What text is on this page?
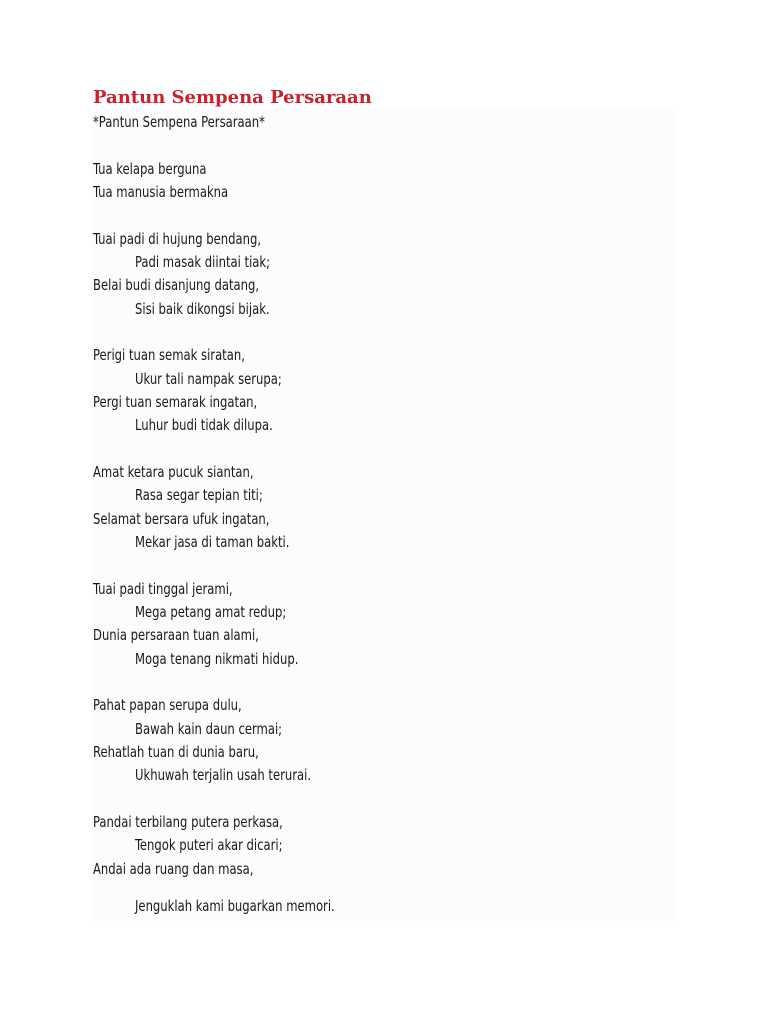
Pantun Sempena Persaraan
*Pantun Sempena Persaraan*
Tua kelapa berguna
Tua manusia bermakna
Tuai padi di hujung bendang,
Padi masak diintai tiak;
Belai budi disanjung datang,
Sisi baik dikongsi bijak.
Perigi tuan semak siratan,
Ukur tali nampak serupa;
Pergi tuan semarak ingatan,
Luhur budi tidak dilupa.
Amat ketara pucuk siantan,
Rasa segar tepian titi;
Selamat bersara ufuk ingatan,
Mekar jasa di taman bakti.
Tuai padi tinggal jerami,
Mega petang amat redup;
Dunia persaraan tuan alami,
Moga tenang nikmati hidup.
Pahat papan serupa dulu,
Bawah kain daun cermai;
Rehatlah tuan di dunia baru,
Ukhuwah terjalin usah terurai.
Pandai terbilang putera perkasa,
Tengok puteri akar dicari;
Andai ada ruang dan masa,
Jenguklah kami bugarkan memori.
